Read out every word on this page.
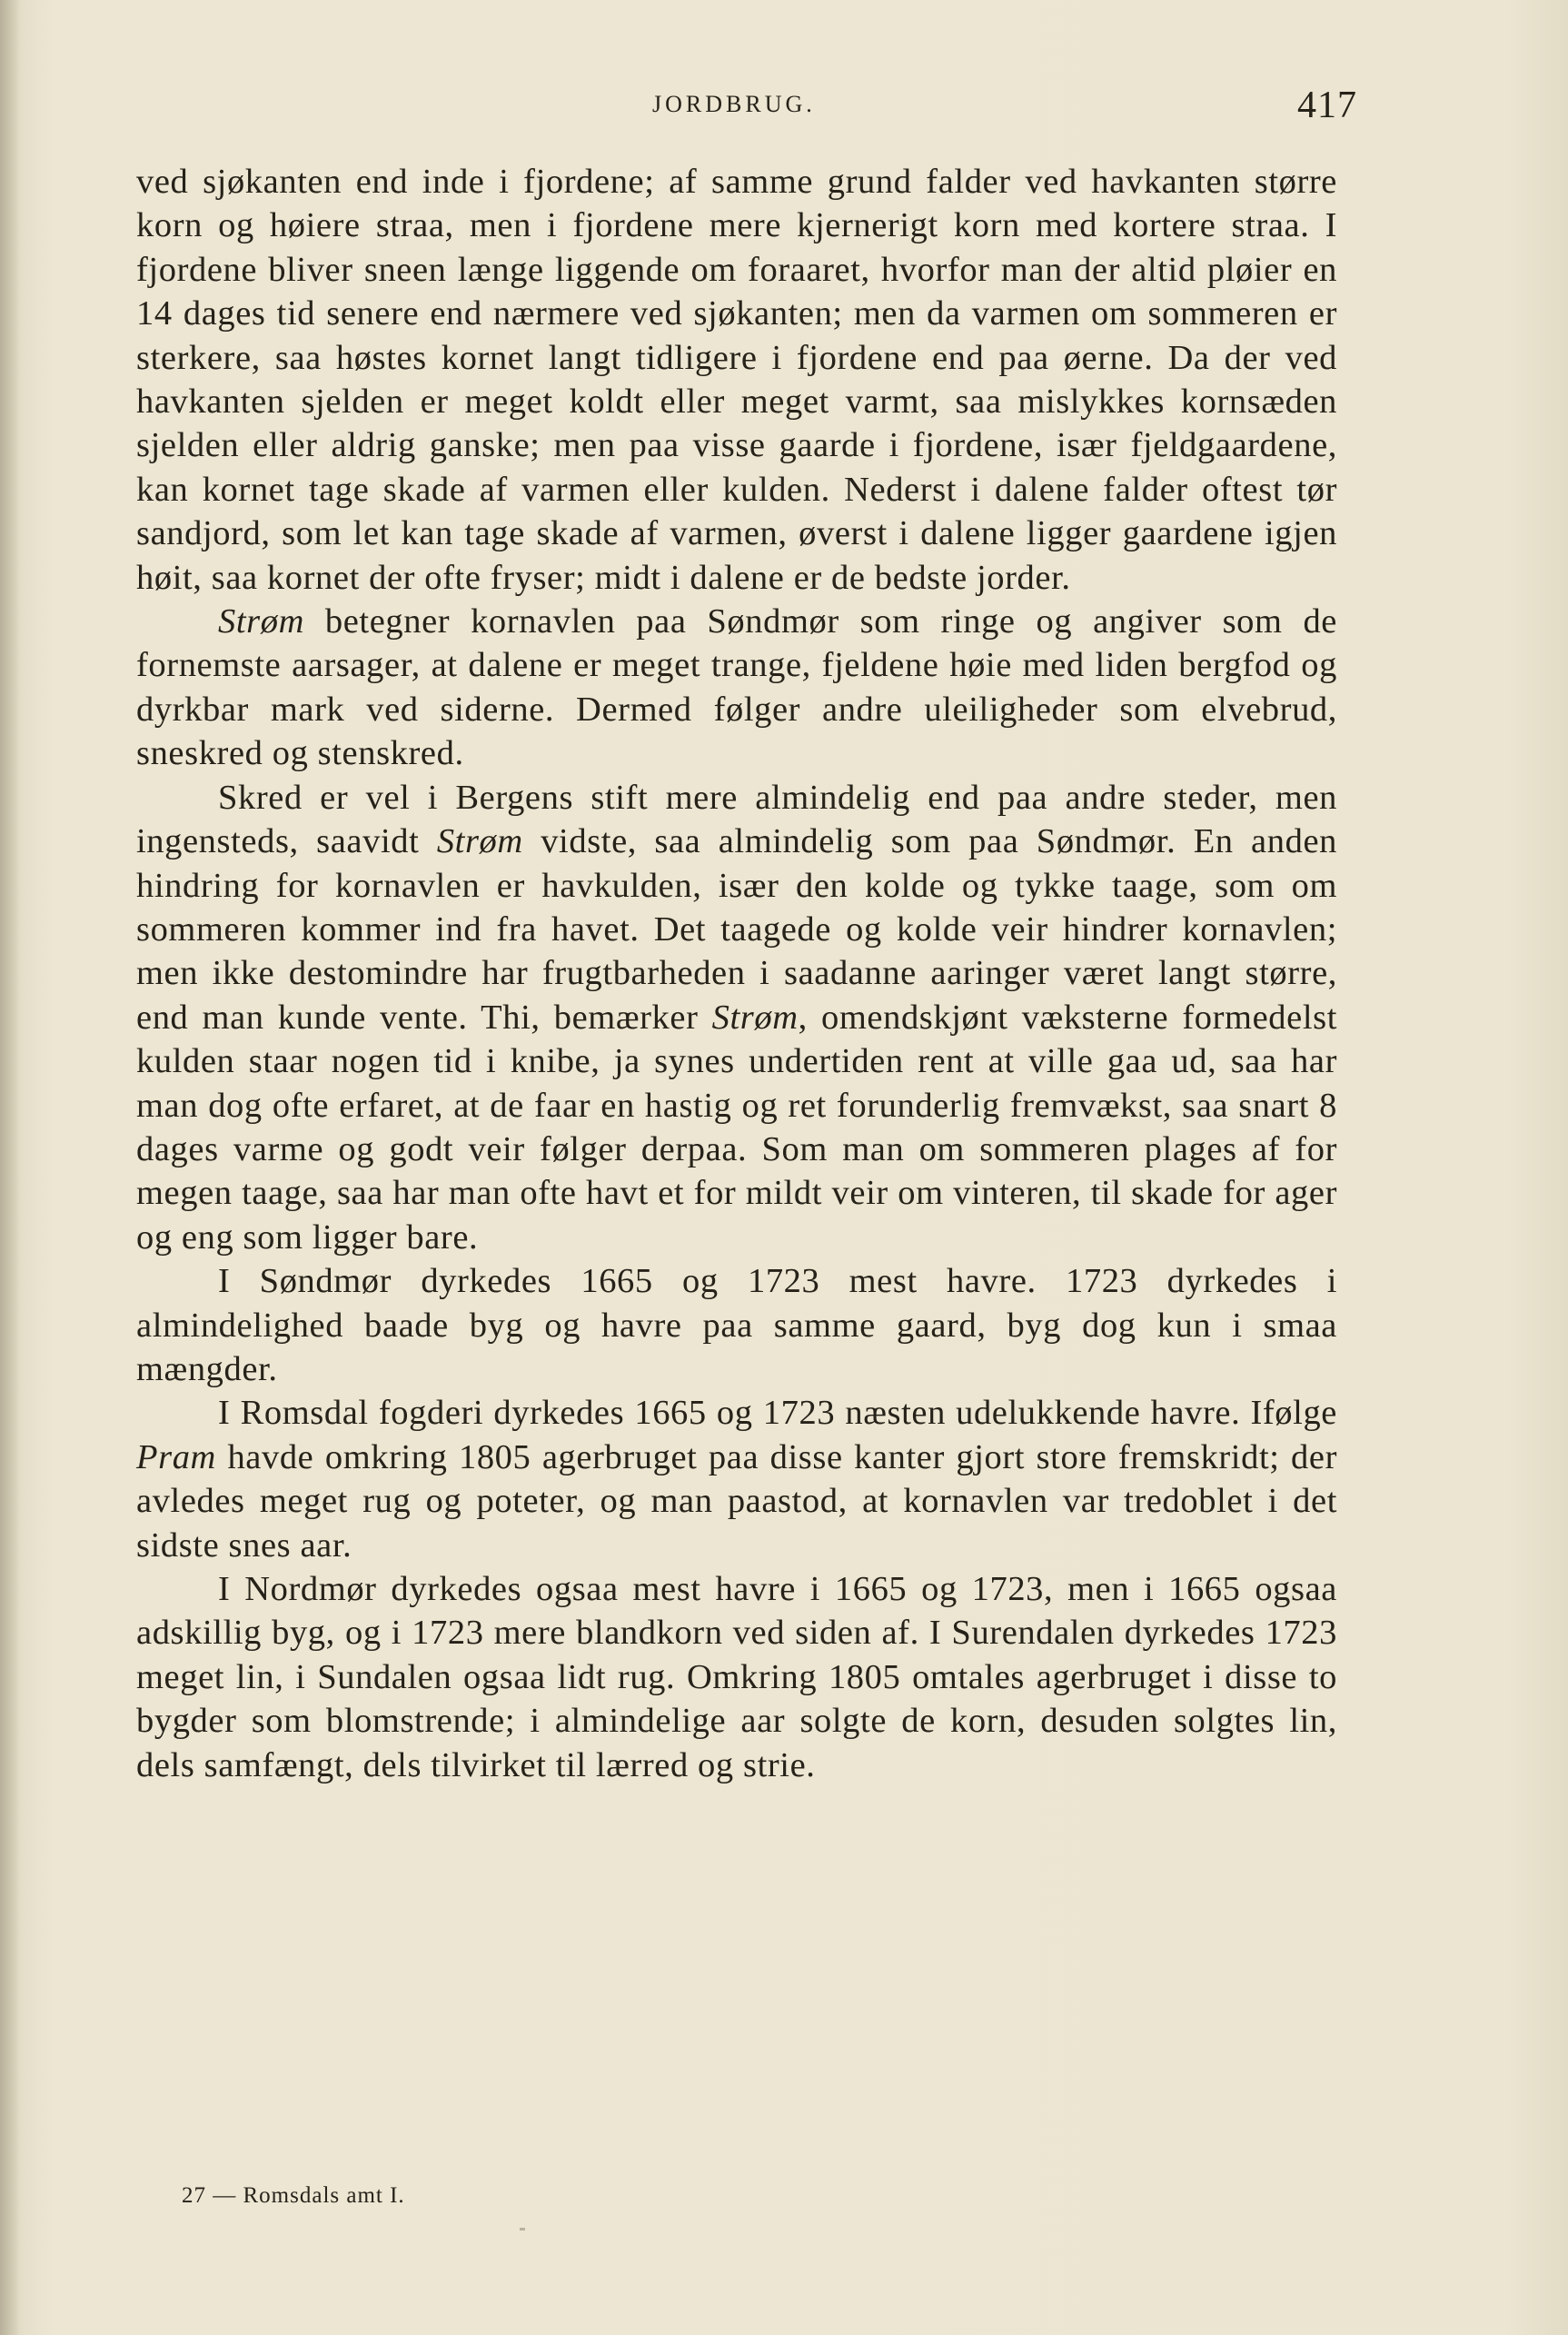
JORDBRUG.	417

ved sjøkanten end inde i fjordene; af samme grund falder ved havkanten større korn og høiere straa, men i fjordene mere kjernerigt korn med kortere straa. I fjordene bliver sneen længe liggende om foraaret, hvorfor man der altid pløier en 14 dages tid senere end nærmere ved sjøkanten; men da varmen om sommeren er sterkere, saa høstes kornet langt tidligere i fjordene end paa øerne. Da der ved havkanten sjelden er meget koldt eller meget varmt, saa mislykkes kornsæden sjelden eller aldrig ganske; men paa visse gaarde i fjordene, især fjeldgaardene, kan kornet tage skade af varmen eller kulden. Nederst i dalene falder oftest tør sandjord, som let kan tage skade af varmen, øverst i dalene ligger gaardene igjen høit, saa kornet der ofte fryser; midt i dalene er de bedste jorder.

Strøm betegner kornavlen paa Søndmør som ringe og angiver som de fornemste aarsager, at dalene er meget trange, fjeldene høie med liden bergfod og dyrkbar mark ved siderne. Dermed følger andre uleiligheder som elvebrud, sneskred og stenskred.

Skred er vel i Bergens stift mere almindelig end paa andre steder, men ingensteds, saavidt Strøm vidste, saa almindelig som paa Søndmør. En anden hindring for kornavlen er havkulden, især den kolde og tykke taage, som om sommeren kommer ind fra havet. Det taagede og kolde veir hindrer kornavlen; men ikke destomindre har frugtbarheden i saadanne aaringer været langt større, end man kunde vente. Thi, bemærker Strøm, omendskjønt væksterne formedelst kulden staar nogen tid i knibe, ja synes undertiden rent at ville gaa ud, saa har man dog ofte erfaret, at de faar en hastig og ret forunderlig fremvækst, saa snart 8 dages varme og godt veir følger derpaa. Som man om sommeren plages af for megen taage, saa har man ofte havt et for mildt veir om vinteren, til skade for ager og eng som ligger bare.

I Søndmør dyrkedes 1665 og 1723 mest havre. 1723 dyrkedes i almindelighed baade byg og havre paa samme gaard, byg dog kun i smaa mængder.

I Romsdal fogderi dyrkedes 1665 og 1723 næsten udelukkende havre. Ifølge Pram havde omkring 1805 agerbruget paa disse kanter gjort store fremskridt; der avledes meget rug og poteter, og man paastod, at kornavlen var tredoblet i det sidste snes aar.

I Nordmør dyrkedes ogsaa mest havre i 1665 og 1723, men i 1665 ogsaa adskillig byg, og i 1723 mere blandkorn ved siden af. I Surendalen dyrkedes 1723 meget lin, i Sundalen ogsaa lidt rug. Omkring 1805 omtales agerbruget i disse to bygder som blomstrende; i almindelige aar solgte de korn, desuden solgtes lin, dels samfængt, dels tilvirket til lærred og strie.

27 — Romsdals amt I.
